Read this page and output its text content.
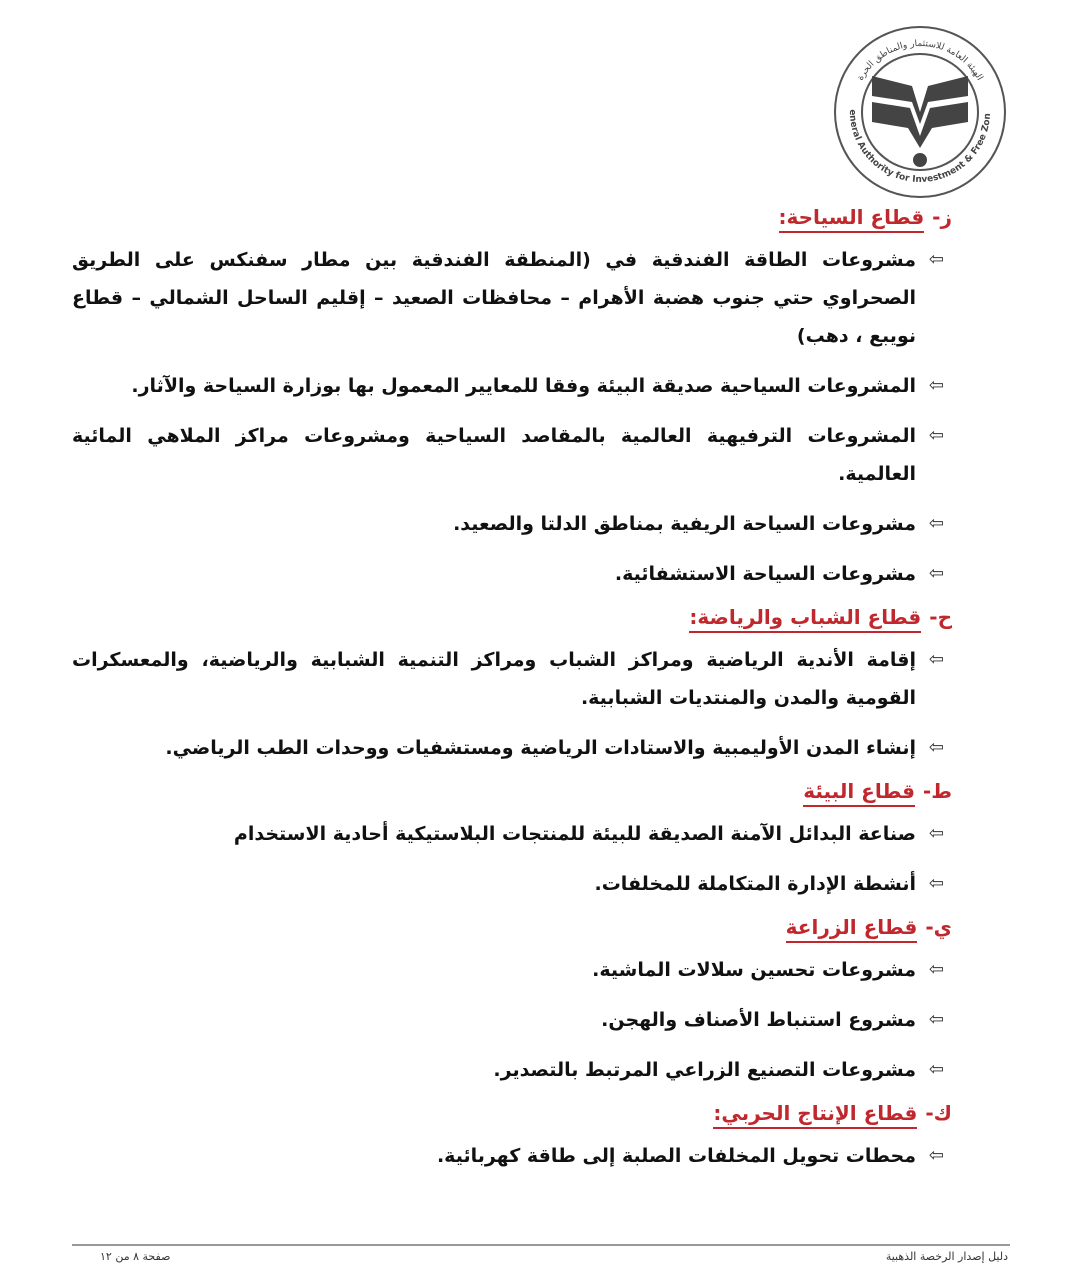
eneral Authority for Investment & Free Zon
الهيئة العامة للاستثمار والمناطق الحرة
ز-
قطاع السياحة:
⇦
مشروعات الطاقة الفندقية في (المنطقة الفندقية بين مطار سفنكس على الطريق الصحراوي حتي جنوب هضبة الأهرام – محافظات الصعيد – إقليم الساحل الشمالي – قطاع نويبع ، دهب)
⇦
المشروعات السياحية صديقة البيئة وفقا للمعايير المعمول بها بوزارة السياحة والآثار.
⇦
المشروعات الترفيهية العالمية بالمقاصد السياحية ومشروعات مراكز الملاهي المائية العالمية.
⇦
مشروعات السياحة الريفية بمناطق الدلتا والصعيد.
⇦
مشروعات السياحة الاستشفائية.
ح-
قطاع الشباب والرياضة:
⇦
إقامة الأندية الرياضية ومراكز الشباب ومراكز التنمية الشبابية والرياضية، والمعسكرات القومية والمدن والمنتديات الشبابية.
⇦
إنشاء المدن الأوليمبية والاستادات الرياضية ومستشفيات ووحدات الطب الرياضي.
ط-
قطاع البيئة
⇦
صناعة البدائل الآمنة الصديقة للبيئة للمنتجات البلاستيكية أحادية الاستخدام
⇦
أنشطة الإدارة المتكاملة للمخلفات.
ي-
قطاع الزراعة
⇦
مشروعات تحسين سلالات الماشية.
⇦
مشروع استنباط الأصناف والهجن.
⇦
مشروعات التصنيع الزراعي المرتبط بالتصدير.
ك-
قطاع الإنتاج الحربي:
⇦
محطات تحويل المخلفات الصلبة إلى طاقة كهربائية.
صفحة ٨ من ١٢	دليل إصدار الرخصة الذهبية
